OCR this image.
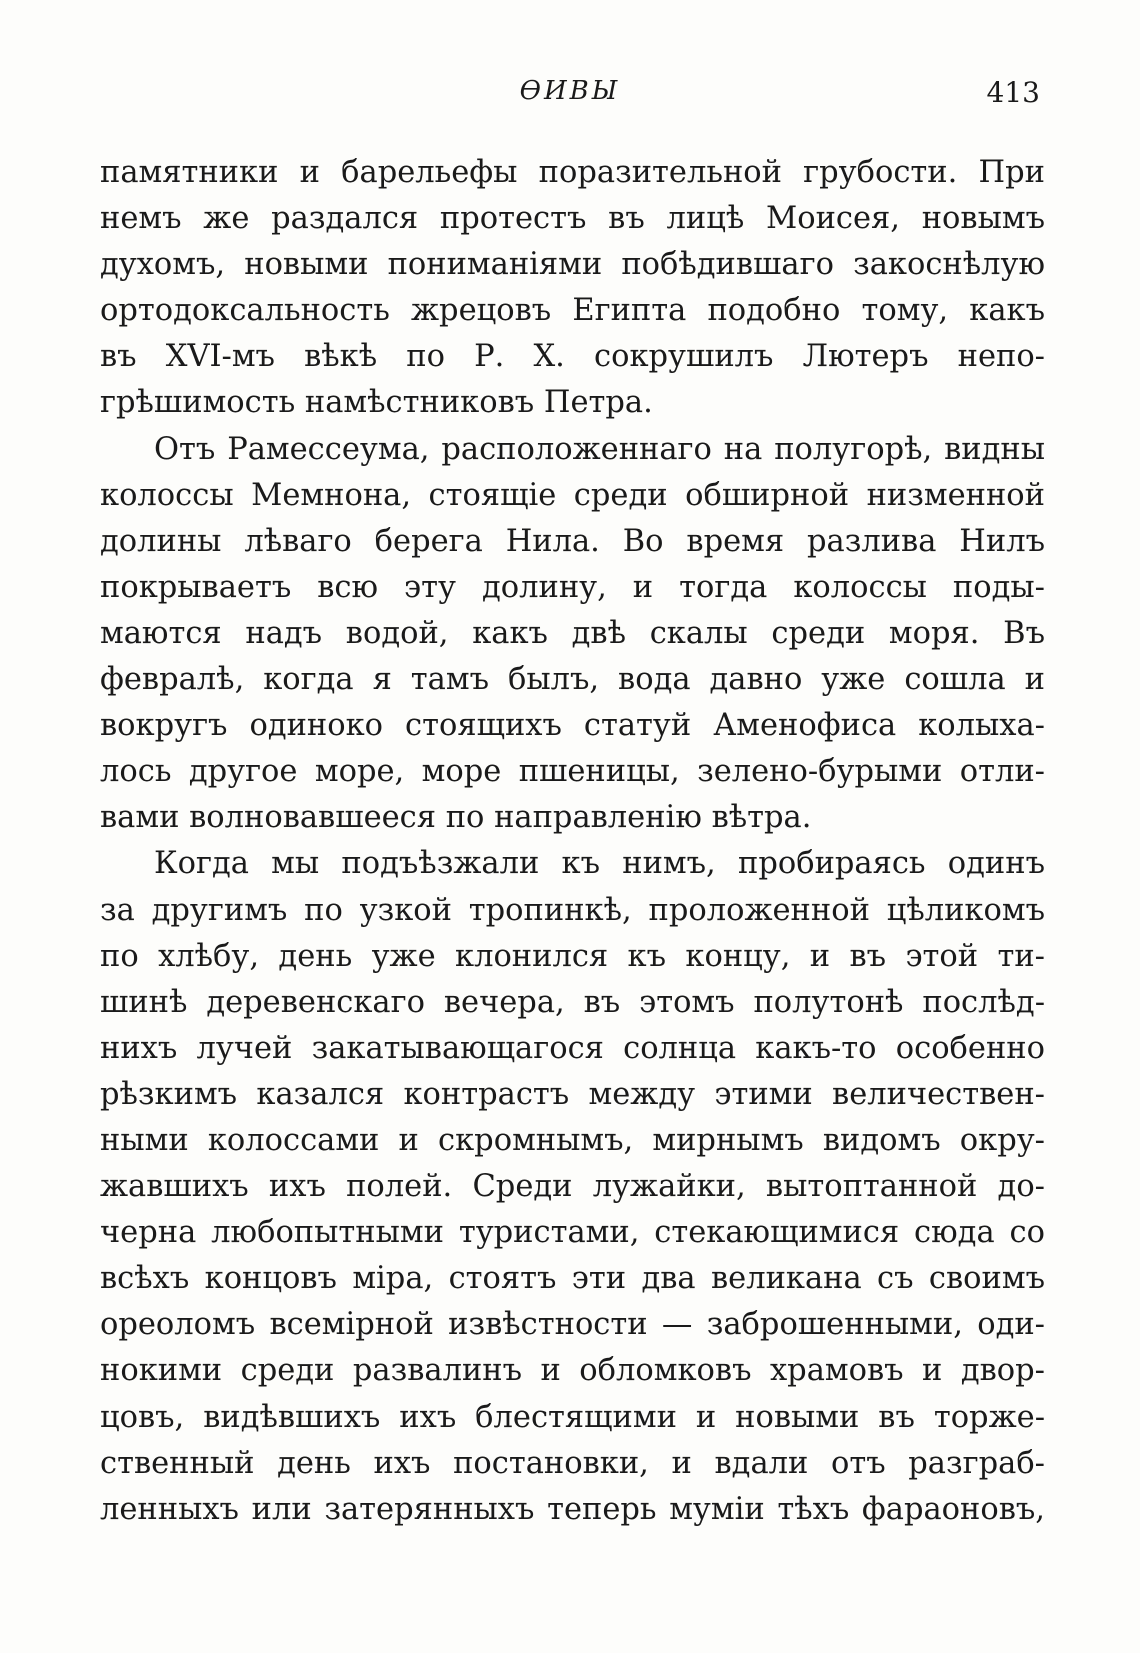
ѲИВЫ	413
памятники и барельефы поразительной грубости. При
немъ же раздался протестъ въ лицѣ Моисея, новымъ
духомъ, новыми пониманіями побѣдившаго закоснѣлую
ортодоксальность жрецовъ Египта подобно тому, какъ
въ XVI-мъ вѣкѣ по Р. X. сокрушилъ Лютеръ непо-
грѣшимость намѣстниковъ Петра.
Отъ Рамессеума, расположеннаго на полугорѣ, видны
колоссы Мемнона, стоящіе среди обширной низменной
долины лѣваго берега Нила. Во время разлива Нилъ
покрываетъ всю эту долину, и тогда колоссы поды-
маются надъ водой, какъ двѣ скалы среди моря. Въ
февралѣ, когда я тамъ былъ, вода давно уже сошла и
вокругъ одиноко стоящихъ статуй Аменофиса колыха-
лось другое море, море пшеницы, зелено-бурыми отли-
вами волновавшееся по направленію вѣтра.
Когда мы подъѣзжали къ нимъ, пробираясь одинъ
за другимъ по узкой тропинкѣ, проложенной цѣликомъ
по хлѣбу, день уже клонился къ концу, и въ этой ти-
шинѣ деревенскаго вечера, въ этомъ полутонѣ послѣд-
нихъ лучей закатывающагося солнца какъ-то особенно
рѣзкимъ казался контрастъ между этими величествен-
ными колоссами и скромнымъ, мирнымъ видомъ окру-
жавшихъ ихъ полей. Среди лужайки, вытоптанной до-
черна любопытными туристами, стекающимися сюда со
всѣхъ концовъ міра, стоятъ эти два великана съ своимъ
ореоломъ всемірной извѣстности — заброшенными, оди-
нокими среди развалинъ и обломковъ храмовъ и двор-
цовъ, видѣвшихъ ихъ блестящими и новыми въ торже-
ственный день ихъ постановки, и вдали отъ разграб-
ленныхъ или затерянныхъ теперь муміи тѣхъ фараоновъ,
